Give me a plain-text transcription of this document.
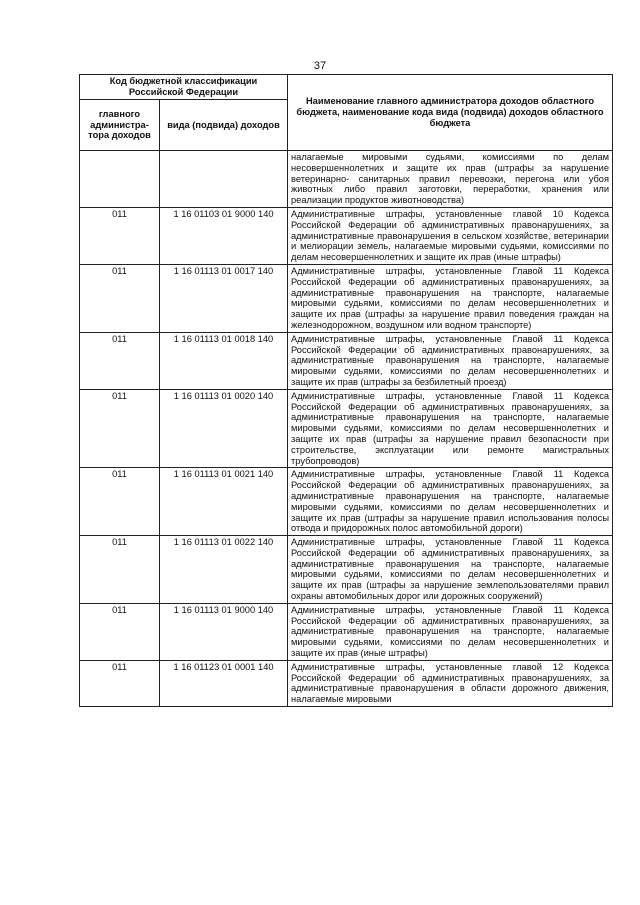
37
Код бюджетной классификации Российской Федерации		Наименование главного администратора доходов областного бюджета, наименование кода вида (подвида) доходов областного бюджета
главного администра-тора доходов	вида (подвида) доходов	
		налагаемые мировыми судьями, комиссиями по делам несовершеннолетних и защите их прав (штрафы за нарушение ветеринарно- санитарных правил перевозки, перегона или убоя животных либо правил заготовки, переработки, хранения или реализации продуктов животноводства)
011	1 16 01103 01 9000 140	Административные штрафы, установленные главой 10 Кодекса Российской Федерации об административных правонарушениях, за административные правонарушения в сельском хозяйстве, ветеринарии и мелиорации земель, налагаемые мировыми судьями, комиссиями по делам несовершеннолетних и защите их прав (иные штрафы)
011	1 16 01113 01 0017 140	Административные штрафы, установленные Главой 11 Кодекса Российской Федерации об административных правонарушениях, за административные правонарушения на транспорте, налагаемые мировыми судьями, комиссиями по делам несовершеннолетних и защите их прав (штрафы за нарушение правил поведения граждан на железнодорожном, воздушном или водном транспорте)
011	1 16 01113 01 0018 140	Административные штрафы, установленные Главой 11 Кодекса Российской Федерации об административных правонарушениях, за административные правонарушения на транспорте, налагаемые мировыми судьями, комиссиями по делам несовершеннолетних и защите их прав (штрафы за безбилетный проезд)
011	1 16 01113 01 0020 140	Административные штрафы, установленные Главой 11 Кодекса Российской Федерации об административных правонарушениях, за административные правонарушения на транспорте, налагаемые мировыми судьями, комиссиями по делам несовершеннолетних и защите их прав (штрафы за нарушение правил безопасности при строительстве, эксплуатации или ремонте магистральных трубопроводов)
011	1 16 01113 01 0021 140	Административные штрафы, установленные Главой 11 Кодекса Российской Федерации об административных правонарушениях, за административные правонарушения на транспорте, налагаемые мировыми судьями, комиссиями по делам несовершеннолетних и защите их прав (штрафы за нарушение правил использования полосы отвода и придорожных полос автомобильной дороги)
011	1 16 01113 01 0022 140	Административные штрафы, установленные Главой 11 Кодекса Российской Федерации об административных правонарушениях, за административные правонарушения на транспорте, налагаемые мировыми судьями, комиссиями по делам несовершеннолетних и защите их прав (штрафы за нарушение землепользователями правил охраны автомобильных дорог или дорожных сооружений)
011	1 16 01113 01 9000 140	Административные штрафы, установленные Главой 11 Кодекса Российской Федерации об административных правонарушениях, за административные правонарушения на транспорте, налагаемые мировыми судьями, комиссиями по делам несовершеннолетних и защите их прав (иные штрафы)
011	1 16 01123 01 0001 140	Административные штрафы, установленные главой 12 Кодекса Российской Федерации об административных правонарушениях, за административные правонарушения в области дорожного движения, налагаемые мировыми
